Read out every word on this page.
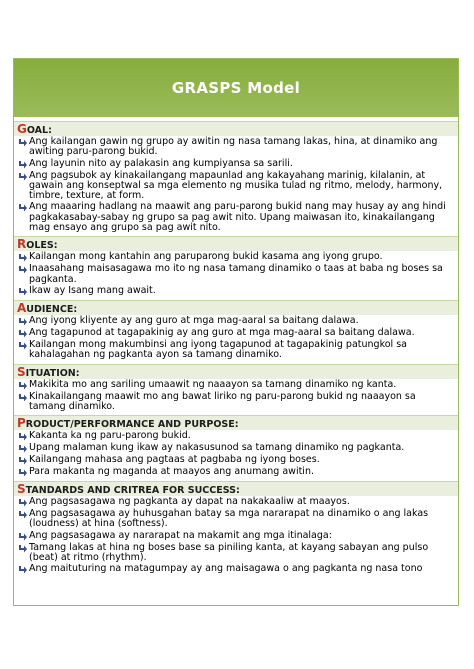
GRASPS Model
GOAL:
Ang kailangan gawin ng grupo ay awitin ng nasa tamang lakas, hina, at dinamiko ang awiting paru-parong bukid.
Ang layunin nito ay palakasin ang kumpiyansa sa sarili.
Ang pagsubok ay kinakailangang mapaunlad ang kakayahang marinig, kilalanin, at gawain ang konseptwal sa mga elemento ng musika tulad ng ritmo, melody, harmony, timbre, texture, at form.
Ang maaaring hadlang na maawit ang paru-parong bukid nang may husay ay ang hindi pagkakasabay-sabay ng grupo sa pag awit nito. Upang maiwasan ito, kinakailangang mag ensayo ang grupo sa pag awit nito.
ROLES:
Kailangan mong kantahin ang paruparong bukid kasama ang iyong grupo.
Inaasahang maisasagawa mo ito ng nasa tamang dinamiko o taas at baba ng boses sa pagkanta.
Ikaw ay Isang mang await.
AUDIENCE:
Ang iyong kliyente ay ang guro at mga mag-aaral sa baitang dalawa.
Ang tagapunod at tagapakinig ay ang guro at mga mag-aaral sa baitang dalawa.
Kailangan mong makumbinsi ang iyong tagapunod at tagapakinig patungkol sa kahalagahan ng pagkanta ayon sa tamang dinamiko.
SITUATION:
Makikita mo ang sariling umaawit ng naaayon sa tamang dinamiko ng kanta.
Kinakailangang maawit mo ang bawat liriko ng paru-parong bukid ng naaayon sa tamang dinamiko.
PRODUCT/PERFORMANCE AND PURPOSE:
Kakanta ka ng paru-parong bukid.
Upang malaman kung ikaw ay nakasusunod sa tamang dinamiko ng pagkanta.
Kailangang mahasa ang pagtaas at pagbaba ng iyong boses.
Para makanta ng maganda at maayos ang anumang awitin.
STANDARDS AND CRITREA FOR SUCCESS:
Ang pagsasagawa ng pagkanta ay dapat na nakakaaliw at maayos.
Ang pagsasagawa ay huhusgahan batay sa mga nararapat na dinamiko o ang lakas (loudness) at hina (softness).
Ang pagsasagawa ay nararapat na makamit ang mga itinalaga:
Tamang lakas at hina ng boses base sa piniling kanta, at kayang sabayan ang pulso (beat) at ritmo (rhythm).
Ang maituturing na matagumpay ay ang maisagawa o ang pagkanta ng nasa tono
